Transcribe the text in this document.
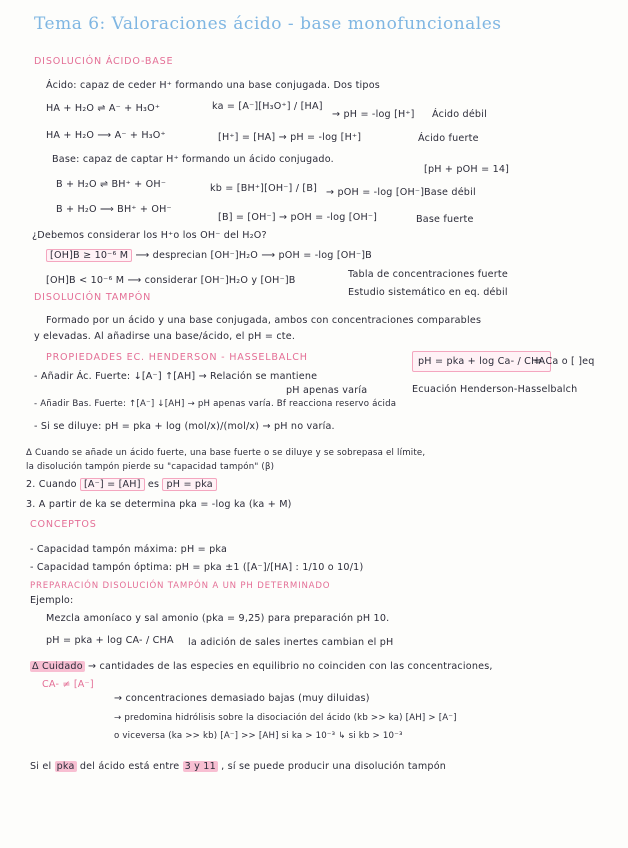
Tema 6: Valoraciones ácido - base monofuncionales
DISOLUCIÓN ÁCIDO-BASE
Ácido: capaz de ceder H⁺ formando una base conjugada. Dos tipos
HA + H₂O ⇌ A⁻ + H₃O⁺	ka = [A⁻][H₃O⁺] / [HA]
→ pH = -log [H⁺] Ácido débil
HA + H₂O ⟶ A⁻ + H₃O⁺	[H⁺] = [HA] → pH = -log [H⁺]	Ácido fuerte
Base: capaz de captar H⁺ formando un ácido conjugado.
[pH + pOH = 14]
B + H₂O ⇌ BH⁺ + OH⁻	kb = [BH⁺][OH⁻] / [B] → pOH = -log [OH⁻] Base débil
B + H₂O ⟹ BH⁺ + OH⁻
[B] = [OH⁻] → pOH = -log [OH⁻]	Base fuerte
¿Debemos considerar los H⁺o los OH⁻ del H₂O?
[OH]B ≥ 10⁻⁶ M ⟶ desprecian [OH⁻]H₂O ⟶ pOH = -log [OH⁻]B
[OH]B < 10⁻⁶ M ⟶ considerar [OH⁻]H₂O y [OH⁻]B
Tabla de concentraciones fuerte
Estudio sistemático en eq. débil
DISOLUCIÓN TAMPÓN
Formado por un ácido y una base conjugada, ambos con concentraciones comparables
y elevadas. Al añadirse una base/ácido, el pH = cte.
PROPIEDADES EC. HENDERSON - HASSELBALCH	pH = pka + log Ca- / CHA
⇛ Ca o [ ]eq
Ecuación Henderson-Hasselbalch
- Añadir Ác. Fuerte: ↓[A⁻] ↑[AH] → Relación se mantiene
pH apenas varía
- Añadir Bas. Fuerte: ↑[A⁻] ↓[AH] → pH apenas varía. Bf reacciona reservo ácida
- Si se diluye: pH = pka + log (mol/x)/(mol/x) → pH no varía.
Δ Cuando se añade un ácido fuerte, una base fuerte o se diluye y se sobrepasa el límite,
la disolución tampón pierde su "capacidad tampón" (β)
2. Cuando [A⁻] = [AH] es pH = pka
3. A partir de ka se determina pka = -log ka (ka + M)
CONCEPTOS
- Capacidad tampón máxima: pH = pka
- Capacidad tampón óptima: pH = pka ±1 ([A⁻]/[HA] : 1/10 o 10/1)
PREPARACIÓN DISOLUCIÓN TAMPÓN A UN PH DETERMINADO
Ejemplo:
Mezcla amoníaco y sal amonio (pka = 9,25) para preparación pH 10.
pH = pka + log CA- / CHA la adición de sales inertes cambian el pH
Δ Cuidado → cantidades de las especies en equilibrio no coinciden con las concentraciones,
CA- ≠ [A⁻]
→ concentraciones demasiado bajas (muy diluidas)
→ predomina hidrólisis sobre la disociación del ácido (kb >> ka) [AH] > [A⁻]
o viceversa (ka >> kb) [A⁻] >> [AH] si ka > 10⁻³ ↳ si kb > 10⁻³
Si el pka del ácido está entre 3 y 11 , sí se puede producir una disolución tampón
